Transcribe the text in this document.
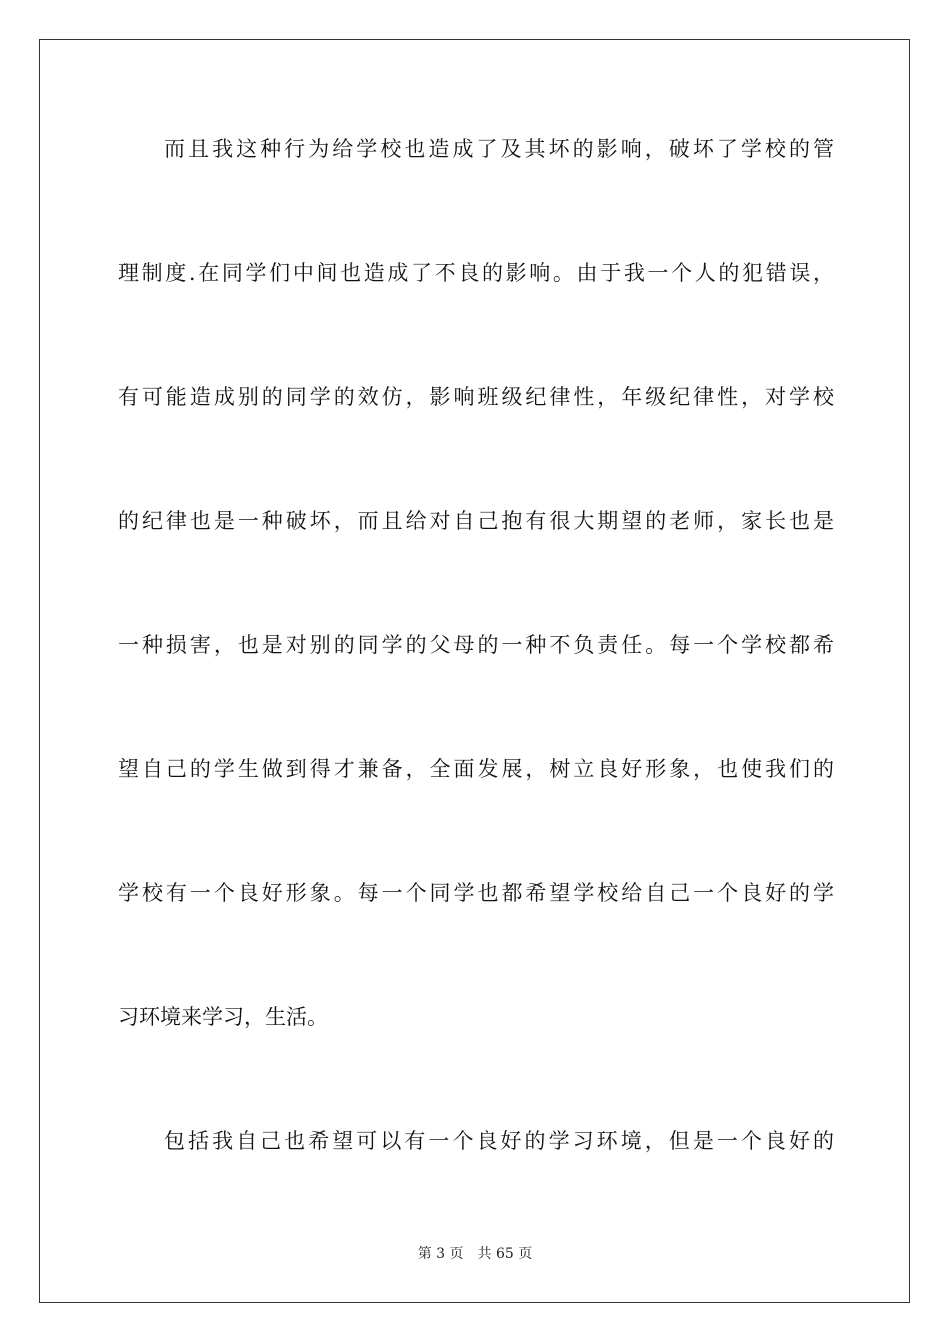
而且我这种行为给学校也造成了及其坏的影响，破坏了学校的管
理制度.在同学们中间也造成了不良的影响。由于我一个人的犯错误，
有可能造成别的同学的效仿，影响班级纪律性，年级纪律性，对学校
的纪律也是一种破坏，而且给对自己抱有很大期望的老师，家长也是
一种损害，也是对别的同学的父母的一种不负责任。每一个学校都希
望自己的学生做到得才兼备，全面发展，树立良好形象，也使我们的
学校有一个良好形象。每一个同学也都希望学校给自己一个良好的学
习环境来学习，生活。
包括我自己也希望可以有一个良好的学习环境，但是一个良好的
第 3 页 共 65 页
